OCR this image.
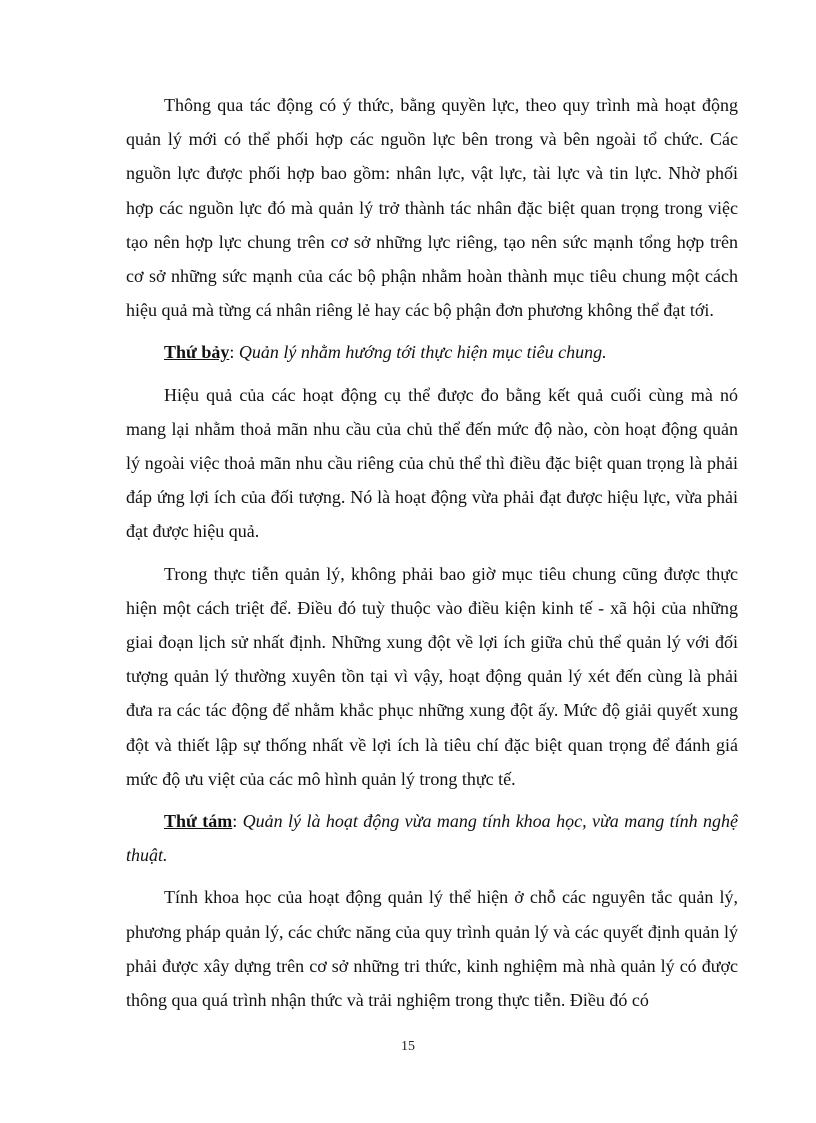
Thông qua tác động có ý thức, bằng quyền lực, theo quy trình mà hoạt động quản lý mới có thể phối hợp các nguồn lực bên trong và bên ngoài tổ chức. Các nguồn lực được phối hợp bao gồm: nhân lực, vật lực, tài lực và tin lực. Nhờ phối hợp các nguồn lực đó mà quản lý trở thành tác nhân đặc biệt quan trọng trong việc tạo nên hợp lực chung trên cơ sở những lực riêng, tạo nên sức mạnh tổng hợp trên cơ sở những sức mạnh của các bộ phận nhằm hoàn thành mục tiêu chung một cách hiệu quả mà từng cá nhân riêng lẻ hay các bộ phận đơn phương không thể đạt tới.

Thứ bảy: Quản lý nhằm hướng tới thực hiện mục tiêu chung.

Hiệu quả của các hoạt động cụ thể được đo bằng kết quả cuối cùng mà nó mang lại nhằm thoả mãn nhu cầu của chủ thể đến mức độ nào, còn hoạt động quản lý ngoài việc thoả mãn nhu cầu riêng của chủ thể thì điều đặc biệt quan trọng là phải đáp ứng lợi ích của đối tượng. Nó là hoạt động vừa phải đạt được hiệu lực, vừa phải đạt được hiệu quả.

Trong thực tiễn quản lý, không phải bao giờ mục tiêu chung cũng được thực hiện một cách triệt để. Điều đó tuỳ thuộc vào điều kiện kinh tế - xã hội của những giai đoạn lịch sử nhất định. Những xung đột về lợi ích giữa chủ thể quản lý với đối tượng quản lý thường xuyên tồn tại vì vậy, hoạt động quản lý xét đến cùng là phải đưa ra các tác động để nhằm khắc phục những xung đột ấy. Mức độ giải quyết xung đột và thiết lập sự thống nhất về lợi ích là tiêu chí đặc biệt quan trọng để đánh giá mức độ ưu việt của các mô hình quản lý trong thực tế.

Thứ tám: Quản lý là hoạt động vừa mang tính khoa học, vừa mang tính nghệ thuật.

Tính khoa học của hoạt động quản lý thể hiện ở chỗ các nguyên tắc quản lý, phương pháp quản lý, các chức năng của quy trình quản lý và các quyết định quản lý phải được xây dựng trên cơ sở những tri thức, kinh nghiệm mà nhà quản lý có được thông qua quá trình nhận thức và trải nghiệm trong thực tiễn. Điều đó có

15
